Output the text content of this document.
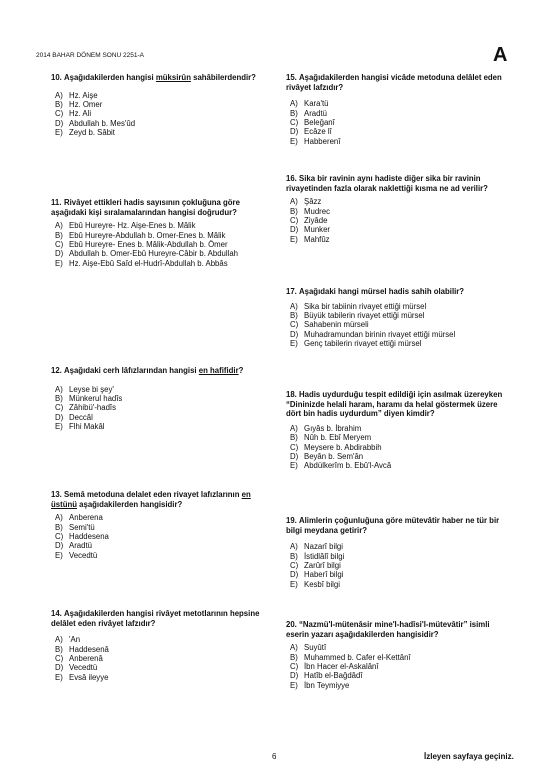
2014 BAHAR DÖNEM SONU 2251-A	A

10. Aşağıdakilerden hangisi müksirûn sahâbilerdendir?

A) Hz. Aişe
B) Hz. Omer
C) Hz. Ali
D) Abdullah b. Mes'ûd
E) Zeyd b. Sâbit

11. Rivâyet ettikleri hadis sayısının çokluğuna göre aşağıdaki kişi sıralamalarından hangisi doğrudur?

A) Ebû Hureyre- Hz. Aişe-Enes b. Mâlik
B) Ebû Hureyre-Abdullah b. Omer-Enes b. Mâlik
C) Ebû Hureyre- Enes b. Mâlik-Abdullah b. Ömer
D) Abdullah b. Omer-Ebû Hureyre-Câbir b. Abdullah
E) Hz. Aişe-Ebû Saîd el-Hudrî-Abdullah b. Abbâs

12. Aşağıdaki cerh lâfızlarından hangisi en hafifidir?

A) Leyse bi şey'
B) Münkerul hadîs
C) Zâhibü'-hadîs
D) Deccâl
E) Flhi Makâl

13. Semâ metoduna delalet eden rivayet lafızlarının en üstünü aşağıdakilerden hangisidir?

A) Anberena
B) Semi'tü
C) Haddesena
D) Aradtü
E) Vecedtü

14. Aşağıdakilerden hangisi rivâyet metotlarının hepsine delâlet eden rivâyet lafzıdır?

A) 'An
B) Haddesenâ
C) Anberenâ
D) Vecedtü
E) Evsâ ileyye

15. Aşağıdakilerden hangisi vicâde metoduna delâlet eden rivâyet lafzıdır?

A) Kara'tü
B) Aradtü
C) Beleğanî
D) Ecâze lî
E) Habberenî

16. Sika bir ravinin aynı hadiste diğer sika bir ravinin rivayetinden fazla olarak naklettiği kısma ne ad verilir?

A) Şâzz
B) Mudrec
C) Ziyâde
D) Munker
E) Mahfûz

17. Aşağıdaki hangi mürsel hadis sahih olabilir?

A) Sika bir tabiinin rivayet ettiği mürsel
B) Büyük tabilerin rivayet ettiği mürsel
C) Sahabenin mürseli
D) Muhadramundan birinin rivayet ettiği mürsel
E) Genç tabilerin rivayet ettiği mürsel

18. Hadis uydurduğu tespit edildiği için asılmak üzereyken “Dininizde helali haram, haramı da helal göstermek üzere dört bin hadis uydurdum” diyen kimdir?

A) Gıyâs b. İbrahim
B) Nûh b. Ebî Meryem
C) Meysere b. Abdirabbih
D) Beyân b. Sem'ân
E) Abdülkerîm b. Ebû'l-Avcâ

19. Alimlerin çoğunluğuna göre mütevâtir haber ne tür bir bilgi meydana getirir?

A) Nazarî bilgi
B) İstidlâlî bilgi
C) Zarûrî bilgi
D) Haberî bilgi
E) Kesbî bilgi

20. “Nazmü'l-mütenâsir mine'l-hadîsi'l-mütevâtir” isimli eserin yazarı aşağıdakilerden hangisidir?

A) Suyûtî
B) Muhammed b. Cafer el-Kettânî
C) İbn Hacer el-Askalânî
D) Hatîb el-Bağdâdî
E) İbn Teymiyye
6	İzleyen sayfaya geçiniz.
